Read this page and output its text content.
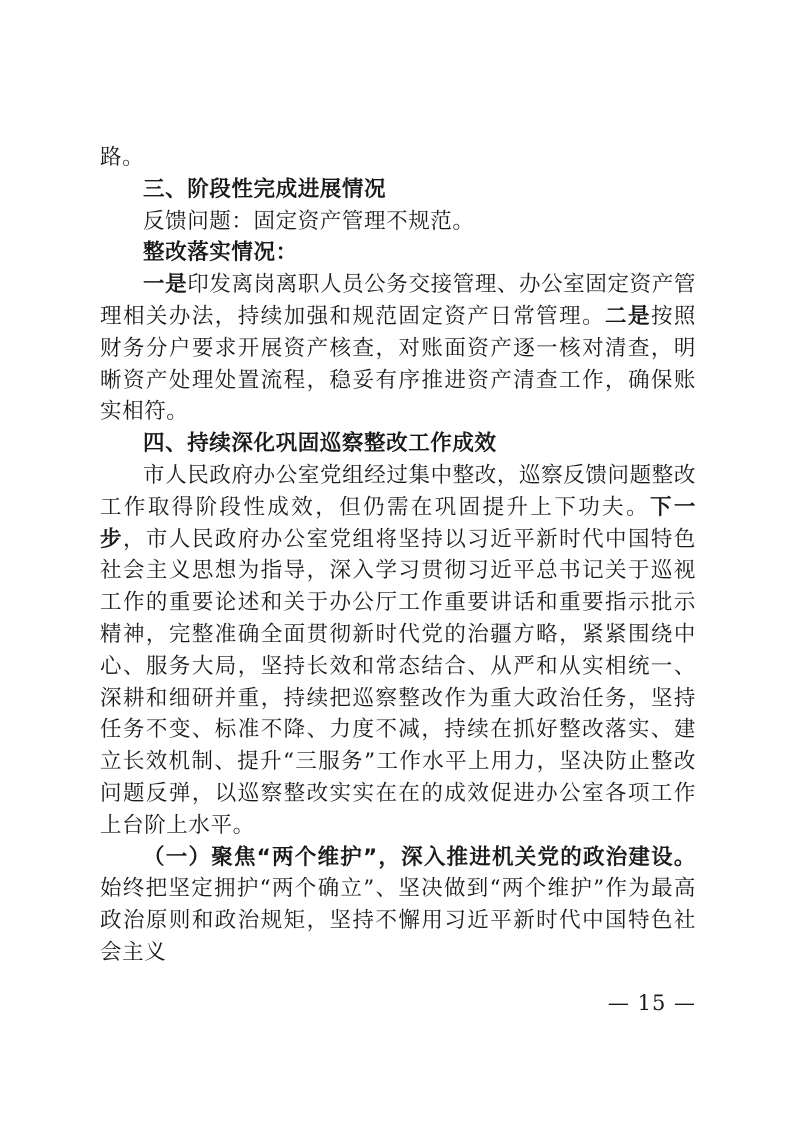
路。

三、阶段性完成进展情况

反馈问题：固定资产管理不规范。

整改落实情况：

一是印发离岗离职人员公务交接管理、办公室固定资产管理相关办法，持续加强和规范固定资产日常管理。二是按照财务分户要求开展资产核查，对账面资产逐一核对清查，明晰资产处理处置流程，稳妥有序推进资产清查工作，确保账实相符。

四、持续深化巩固巡察整改工作成效

市人民政府办公室党组经过集中整改，巡察反馈问题整改工作取得阶段性成效，但仍需在巩固提升上下功夫。下一步，市人民政府办公室党组将坚持以习近平新时代中国特色社会主义思想为指导，深入学习贯彻习近平总书记关于巡视工作的重要论述和关于办公厅工作重要讲话和重要指示批示精神，完整准确全面贯彻新时代党的治疆方略，紧紧围绕中心、服务大局，坚持长效和常态结合、从严和从实相统一、深耕和细研并重，持续把巡察整改作为重大政治任务，坚持任务不变、标准不降、力度不减，持续在抓好整改落实、建立长效机制、提升“三服务”工作水平上用力，坚决防止整改问题反弹，以巡察整改实实在在的成效促进办公室各项工作上台阶上水平。

（一）聚焦“两个维护”，深入推进机关党的政治建设。始终把坚定拥护“两个确立”、坚决做到“两个维护”作为最高政治原则和政治规矩，坚持不懈用习近平新时代中国特色社会主义

— 15 —
